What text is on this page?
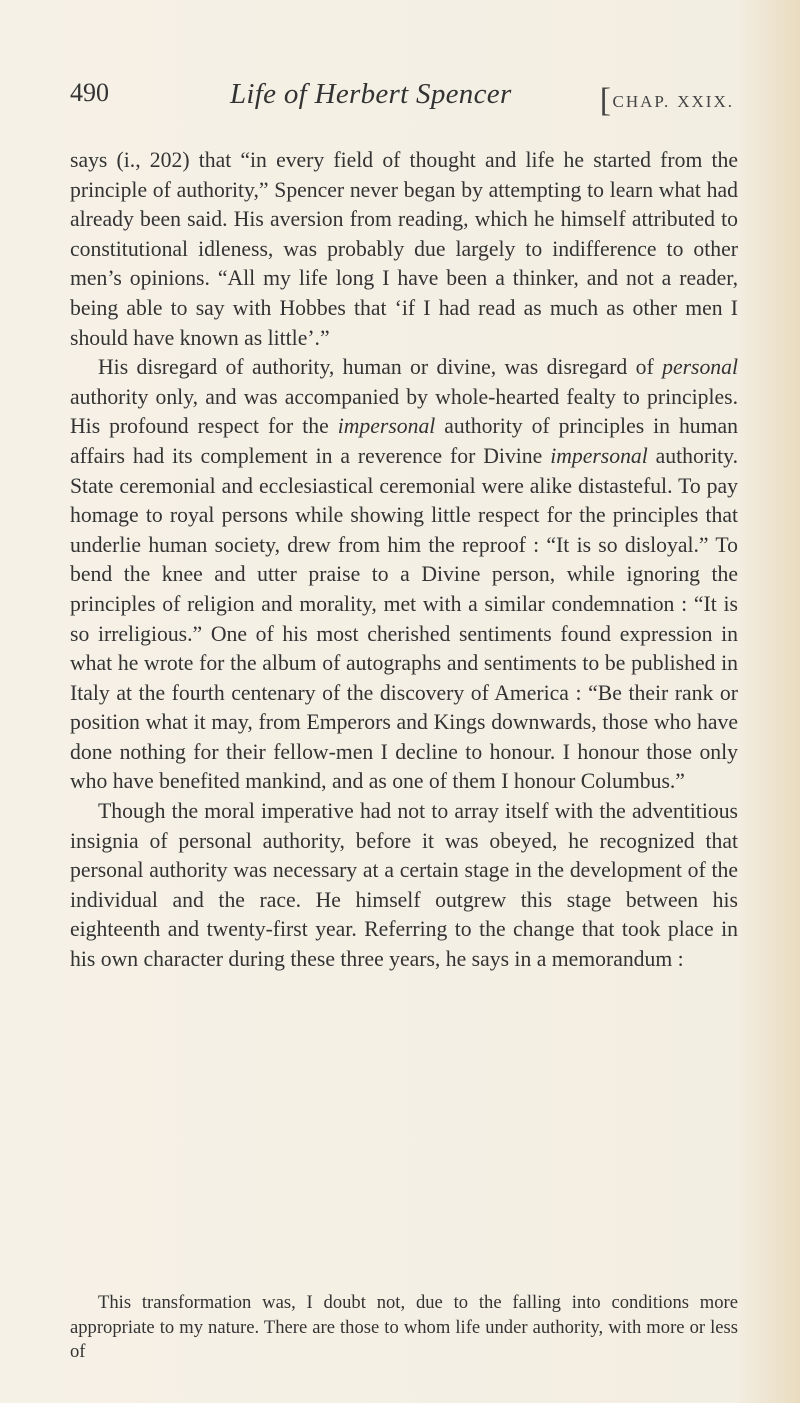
490	Life of Herbert Spencer	[CHAP. XXIX.

says (i., 202) that “in every field of thought and life he started from the principle of authority,” Spencer never began by attempting to learn what had already been said. His aversion from reading, which he himself attributed to constitutional idleness, was probably due largely to indifference to other men’s opinions. “All my life long I have been a thinker, and not a reader, being able to say with Hobbes that ‘if I had read as much as other men I should have known as little’.”

His disregard of authority, human or divine, was disregard of personal authority only, and was accompanied by whole-hearted fealty to principles. His profound respect for the impersonal authority of principles in human affairs had its complement in a reverence for Divine impersonal authority. State ceremonial and ecclesiastical ceremonial were alike distasteful. To pay homage to royal persons while showing little respect for the principles that underlie human society, drew from him the reproof : “It is so disloyal.” To bend the knee and utter praise to a Divine person, while ignoring the principles of religion and morality, met with a similar condemnation : “It is so irreligious.” One of his most cherished sentiments found expression in what he wrote for the album of autographs and sentiments to be published in Italy at the fourth centenary of the discovery of America : “Be their rank or position what it may, from Emperors and Kings downwards, those who have done nothing for their fellow-men I decline to honour. I honour those only who have benefited mankind, and as one of them I honour Columbus.”

Though the moral imperative had not to array itself with the adventitious insignia of personal authority, before it was obeyed, he recognized that personal authority was necessary at a certain stage in the development of the individual and the race. He himself outgrew this stage between his eighteenth and twenty-first year. Referring to the change that took place in his own character during these three years, he says in a memorandum :

This transformation was, I doubt not, due to the falling into conditions more appropriate to my nature. There are those to whom life under authority, with more or less of
